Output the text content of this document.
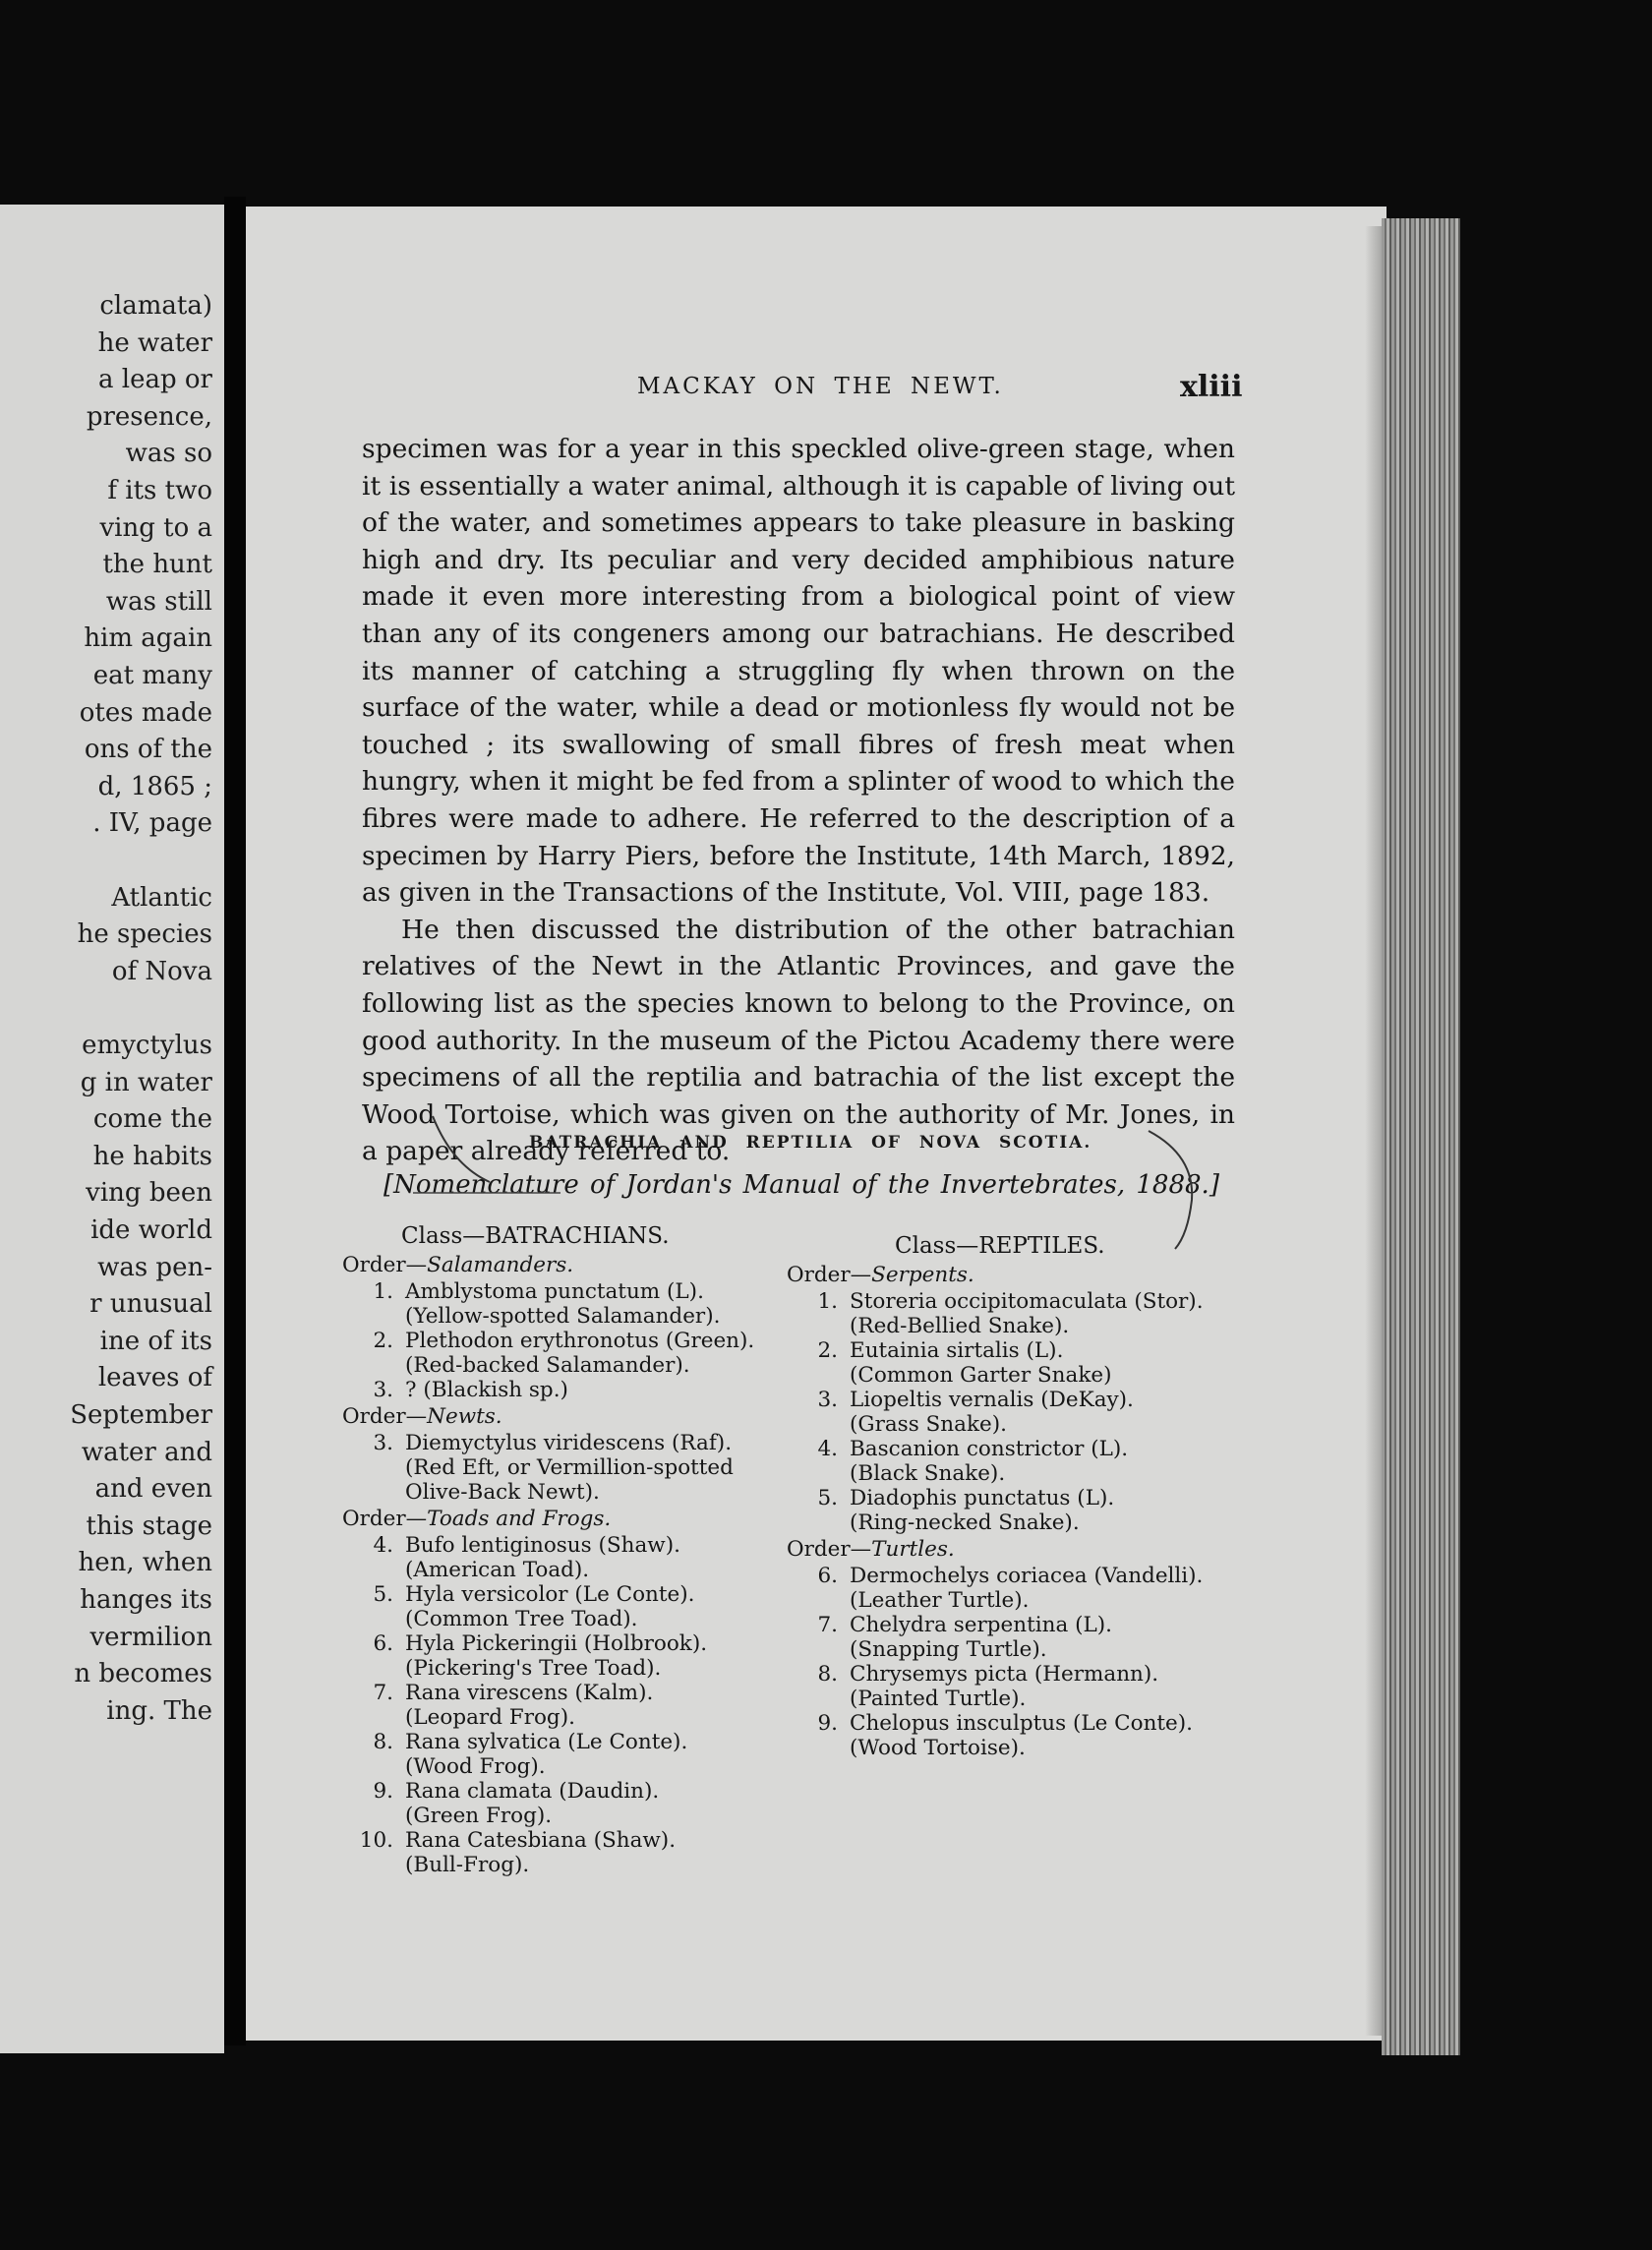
clamata)
he water
a leap or
presence,
was so
f its two
ving to a
the hunt
was still
him again
eat many
otes made
ons of the
d, 1865 ;
. IV, page
Atlantic
he species
of Nova
emyctylus
g in water
come the
he habits
ving been
ide world
was pen-
r unusual
ine of its
leaves of
September
water and
and even
this stage
hen, when
hanges its
vermilion
n becomes
ing. The
MACKAY ON THE NEWT.	xliii

specimen was for a year in this speckled olive-green stage, when it is essentially a water animal, although it is capable of living out of the water, and sometimes appears to take pleasure in basking high and dry. Its peculiar and very decided amphibious nature made it even more interesting from a biological point of view than any of its congeners among our batrachians. He described its manner of catching a struggling fly when thrown on the surface of the water, while a dead or motionless fly would not be touched ; its swallowing of small fibres of fresh meat when hungry, when it might be fed from a splinter of wood to which the fibres were made to adhere. He referred to the description of a specimen by Harry Piers, before the Institute, 14th March, 1892, as given in the Transactions of the Institute, Vol. VIII, page 183.

He then discussed the distribution of the other batrachian relatives of the Newt in the Atlantic Provinces, and gave the following list as the species known to belong to the Province, on good authority. In the museum of the Pictou Academy there were specimens of all the reptilia and batrachia of the list except the Wood Tortoise, which was given on the authority of Mr. Jones, in a paper already referred to.

BATRACHIA AND REPTILIA OF NOVA SCOTIA.
[Nomenclature of Jordan's Manual of the Invertebrates, 1888.]
Class—BATRACHIANS.
Order—Salamanders.
1. Amblystoma punctatum (L).
(Yellow-spotted Salamander).
2. Plethodon erythronotus (Green).
(Red-backed Salamander).
3. ? (Blackish sp.)
Order—Newts.
3. Diemyctylus viridescens (Raf).
(Red Eft, or Vermillion-spotted Olive-Back Newt).
Order—Toads and Frogs.
4. Bufo lentiginosus (Shaw).
(American Toad).
5. Hyla versicolor (Le Conte).
(Common Tree Toad).
6. Hyla Pickeringii (Holbrook).
(Pickering's Tree Toad).
7. Rana virescens (Kalm).
(Leopard Frog).
8. Rana sylvatica (Le Conte).
(Wood Frog).
9. Rana clamata (Daudin).
(Green Frog).
10. Rana Catesbiana (Shaw).
(Bull-Frog).
Class—REPTILES.
Order—Serpents.
1. Storeria occipitomaculata (Stor).
(Red-Bellied Snake).
2. Eutainia sirtalis (L).
(Common Garter Snake)
3. Liopeltis vernalis (DeKay).
(Grass Snake).
4. Bascanion constrictor (L).
(Black Snake).
5. Diadophis punctatus (L).
(Ring-necked Snake).
Order—Turtles.
6. Dermochelys coriacea (Vandelli).
(Leather Turtle).
7. Chelydra serpentina (L).
(Snapping Turtle).
8. Chrysemys picta (Hermann).
(Painted Turtle).
9. Chelopus insculptus (Le Conte).
(Wood Tortoise).
